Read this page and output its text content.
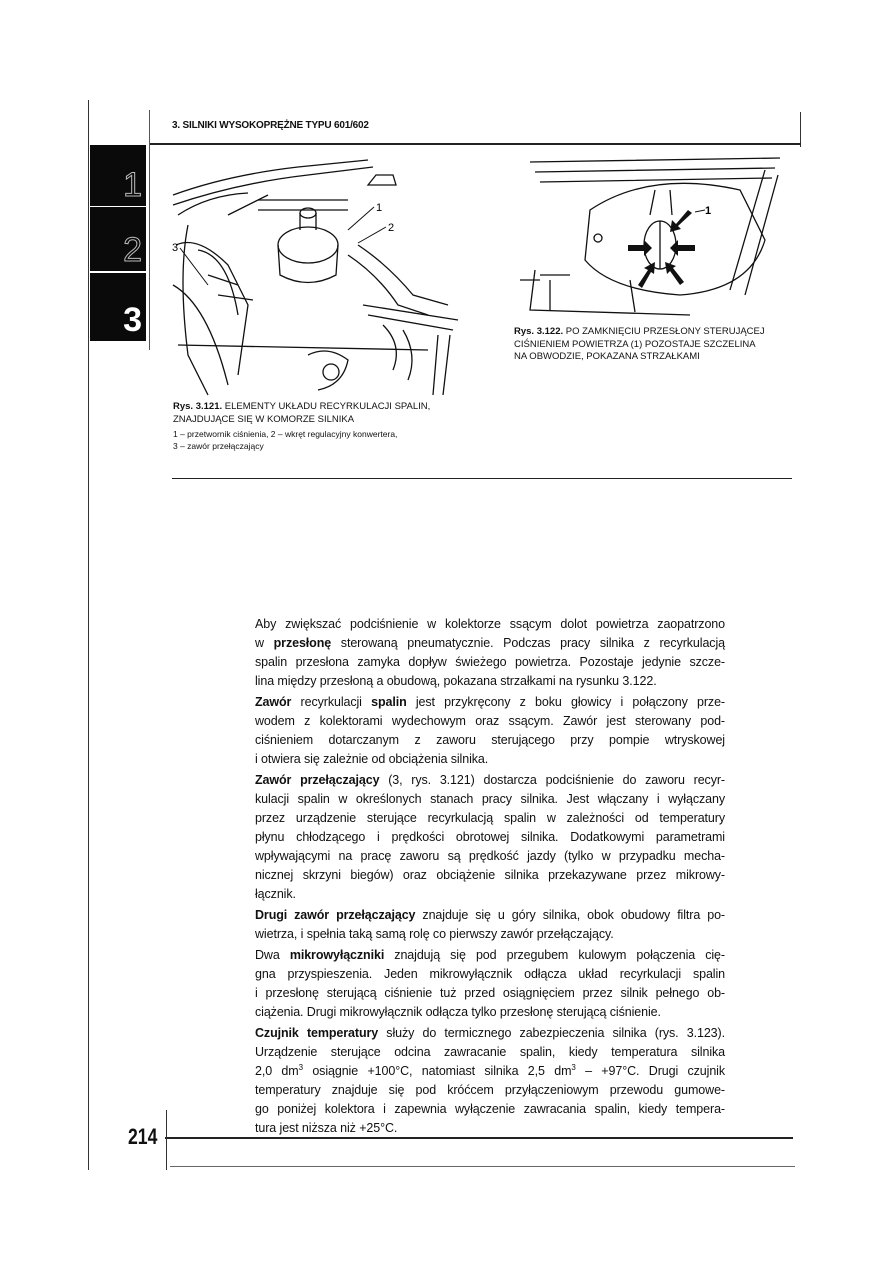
3. SILNIKI WYSOKOPRĘŻNE TYPU 601/602
1
2
3
1
2
3
Rys. 3.121. ELEMENTY UKŁADU RECYRKULACJI SPALIN, ZNAJDUJĄCE SIĘ W KOMORZE SILNIKA
1 – przetwornik ciśnienia, 2 – wkręt regulacyjny konwertera,
3 – zawór przełączający
1
Rys. 3.122. PO ZAMKNIĘCIU PRZESŁONY STERUJĄCEJ
CIŚNIENIEM POWIETRZA (1) POZOSTAJE SZCZELINA
NA OBWODZIE, POKAZANA STRZAŁKAMI
Aby zwiększać podciśnienie w kolektorze ssącym dolot powietrza zaopatrzono
w przesłonę sterowaną pneumatycznie. Podczas pracy silnika z recyrkulacją
spalin przesłona zamyka dopływ świeżego powietrza. Pozostaje jedynie szcze-
lina między przesłoną a obudową, pokazana strzałkami na rysunku 3.122.
Zawór recyrkulacji spalin jest przykręcony z boku głowicy i połączony prze-
wodem z kolektorami wydechowym oraz ssącym. Zawór jest sterowany pod-
ciśnieniem dotarczanym z zaworu sterującego przy pompie wtryskowej
i otwiera się zależnie od obciążenia silnika.
Zawór przełączający (3, rys. 3.121) dostarcza podciśnienie do zaworu recyr-
kulacji spalin w określonych stanach pracy silnika. Jest włączany i wyłączany
przez urządzenie sterujące recyrkulacją spalin w zależności od temperatury
płynu chłodzącego i prędkości obrotowej silnika. Dodatkowymi parametrami
wpływającymi na pracę zaworu są prędkość jazdy (tylko w przypadku mecha-
nicznej skrzyni biegów) oraz obciążenie silnika przekazywane przez mikrowy-
łącznik.
Drugi zawór przełączający znajduje się u góry silnika, obok obudowy filtra po-
wietrza, i spełnia taką samą rolę co pierwszy zawór przełączający.
Dwa mikrowyłączniki znajdują się pod przegubem kulowym połączenia cię-
gna przyspieszenia. Jeden mikrowyłącznik odłącza układ recyrkulacji spalin
i przesłonę sterującą ciśnienie tuż przed osiągnięciem przez silnik pełnego ob-
ciążenia. Drugi mikrowyłącznik odłącza tylko przesłonę sterującą ciśnienie.
Czujnik temperatury służy do termicznego zabezpieczenia silnika (rys. 3.123).
Urządzenie sterujące odcina zawracanie spalin, kiedy temperatura silnika
2,0 $dm^3$ osiągnie +100°C, natomiast silnika 2,5 $dm^3 - +97^\circ C$. Drugi czujnik
temperatury znajduje się pod króćcem przyłączeniowym przewodu gumowe-
go poniżej kolektora i zapewnia wyłączenie zawracania spalin, kiedy tempera-
tura jest niższa niż +25°C.
214
